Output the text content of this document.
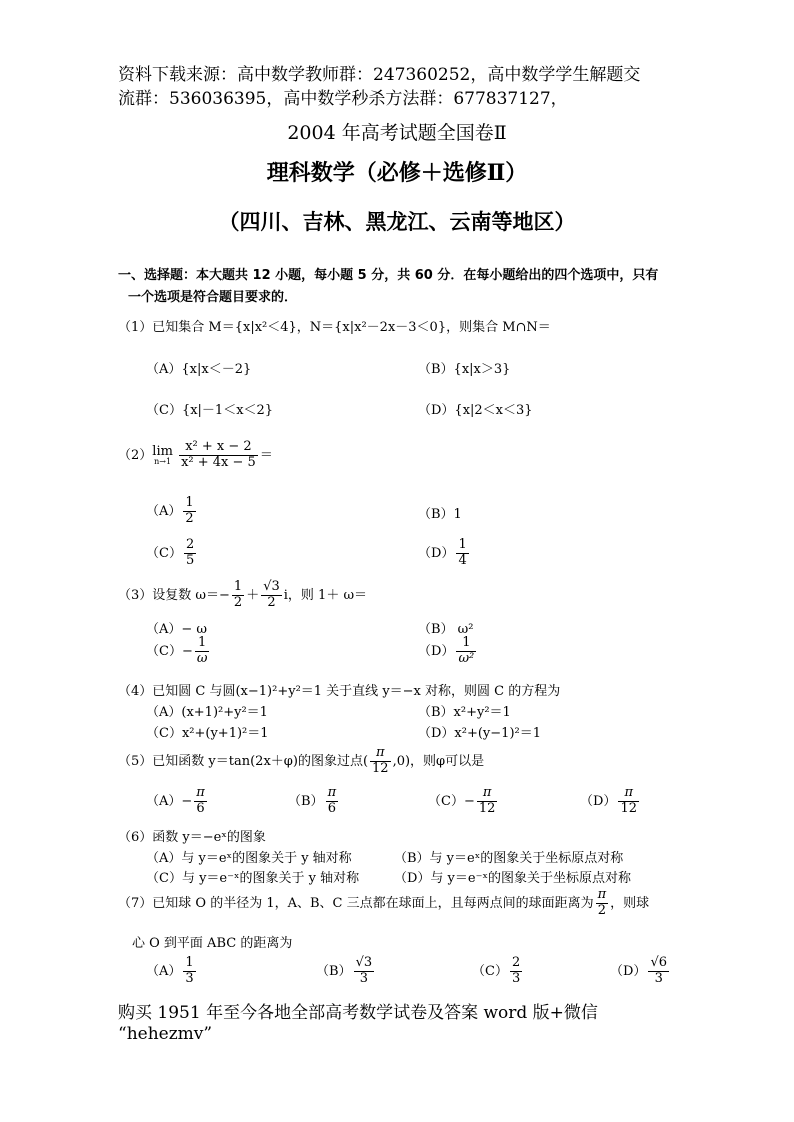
资料下载来源：高中数学教师群：247360252，高中数学学生解题交
流群：536036395，高中数学秒杀方法群：677837127，
2004 年高考试题全国卷Ⅱ
理科数学（必修＋选修Ⅱ）
（四川、吉林、黑龙江、云南等地区）
一、选择题：本大题共 12 小题，每小题 5 分，共 60 分．在每小题给出的四个选项中，只有
一个选项是符合题目要求的．
（1）已知集合 M＝{x|x²＜4}，N＝{x|x²－2x－3＜0}，则集合 M∩N＝
（A）{x|x＜－2}	（B）{x|x＞3}
（C）{x|－1＜x＜2}	（D）{x|2＜x＜3}
（2）lim
n→1
$\frac{\text{x² + x − 2}}{\text{x² + 4x − 5}}$ ＝
$(A) \frac{1}{2}$	（B）1
$(C) \frac{2}{5}$	$(D) \frac{1}{4}$
（3）设复数 $\omega=- \frac{1}{2} + \frac{√3}{2}$ i，则 1＋ ω＝
（A）− ω	（B） ω²
$(C)- \frac{1}{\omega}$	$(D) \frac{1}{\text{ω²}}$
（4）已知圆 C 与圆(x−1)²+y²＝1 关于直线 y＝−x 对称，则圆 C 的方程为
（A）(x+1)²+y²＝1	（B）x²+y²＝1
（C）x²+(y+1)²＝1	（D）x²+(y−1)²＝1
（5）已知函数 y＝tan(2x＋φ)的图象过点( $\frac{\pi}{12} ,0$)，则φ可以是
$(A)- \frac{\pi}{6}$	$(B) \frac{\pi}{6}$	$(C)- \frac{\pi}{12}$	$(D) \frac{\pi}{12}$
（6）函数 y＝−eˣ的图象
（A）与 y＝eˣ的图象关于 y 轴对称	（B）与 y＝eˣ的图象关于坐标原点对称
（C）与 y＝e⁻ˣ的图象关于 y 轴对称	（D）与 y＝e⁻ˣ的图象关于坐标原点对称
（7）已知球 O 的半径为 1，A、B、C 三点都在球面上，且每两点间的球面距离为 $\frac{\pi}{2}$ ，则球
心 O 到平面 ABC 的距离为
$(A) \frac{1}{3}$	$(B) \frac{√3}{3}$	$(C) \frac{2}{3}$	$(D) \frac{√6}{3}$
购买 1951 年至今各地全部高考数学试卷及答案 word 版+微信
“hehezmv”
